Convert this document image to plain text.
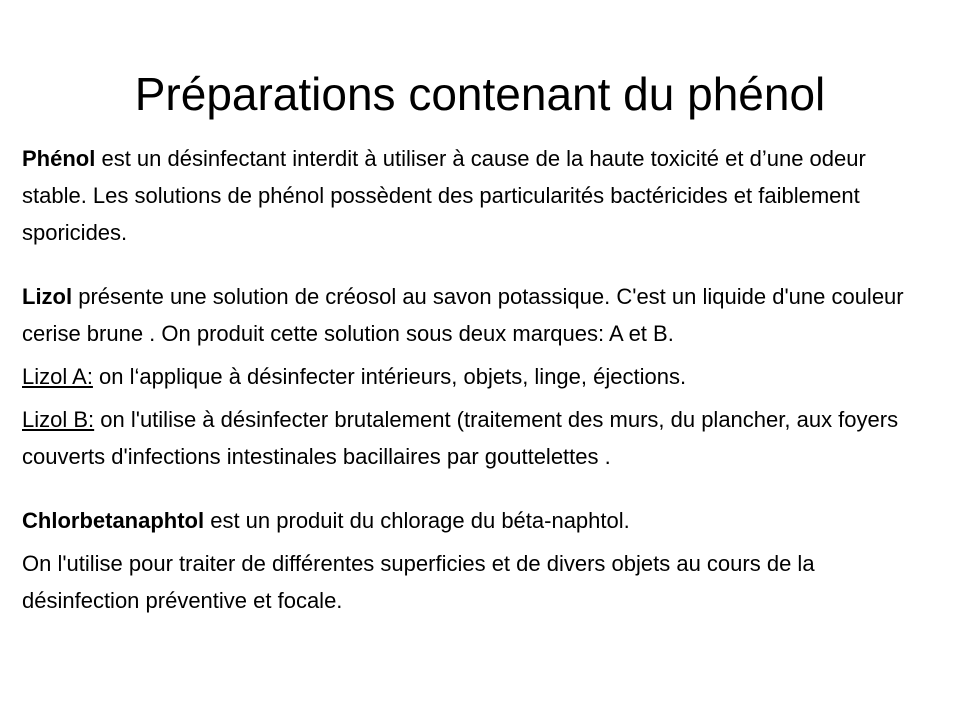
Préparations contenant du phénol

Phénol est un désinfectant interdit à utiliser à cause de la haute toxicité et d’une odeur stable. Les solutions de phénol possèdent des particularités bactéricides et faiblement sporicides.

Lizol présente une solution de créosol au savon potassique. C'est un liquide d'une couleur cerise brune . On produit cette solution sous deux marques: A et B.

Lizol A: on l‘applique à désinfecter intérieurs, objets, linge, éjections.

Lizol B: on l'utilise à désinfecter brutalement (traitement des murs, du plancher, aux foyers couverts d'infections intestinales bacillaires par gouttelettes .

Chlorbetanaphtol est un produit du chlorage du béta-naphtol.

On l'utilise pour traiter de différentes superficies et de divers objets au cours de la désinfection préventive et focale.
